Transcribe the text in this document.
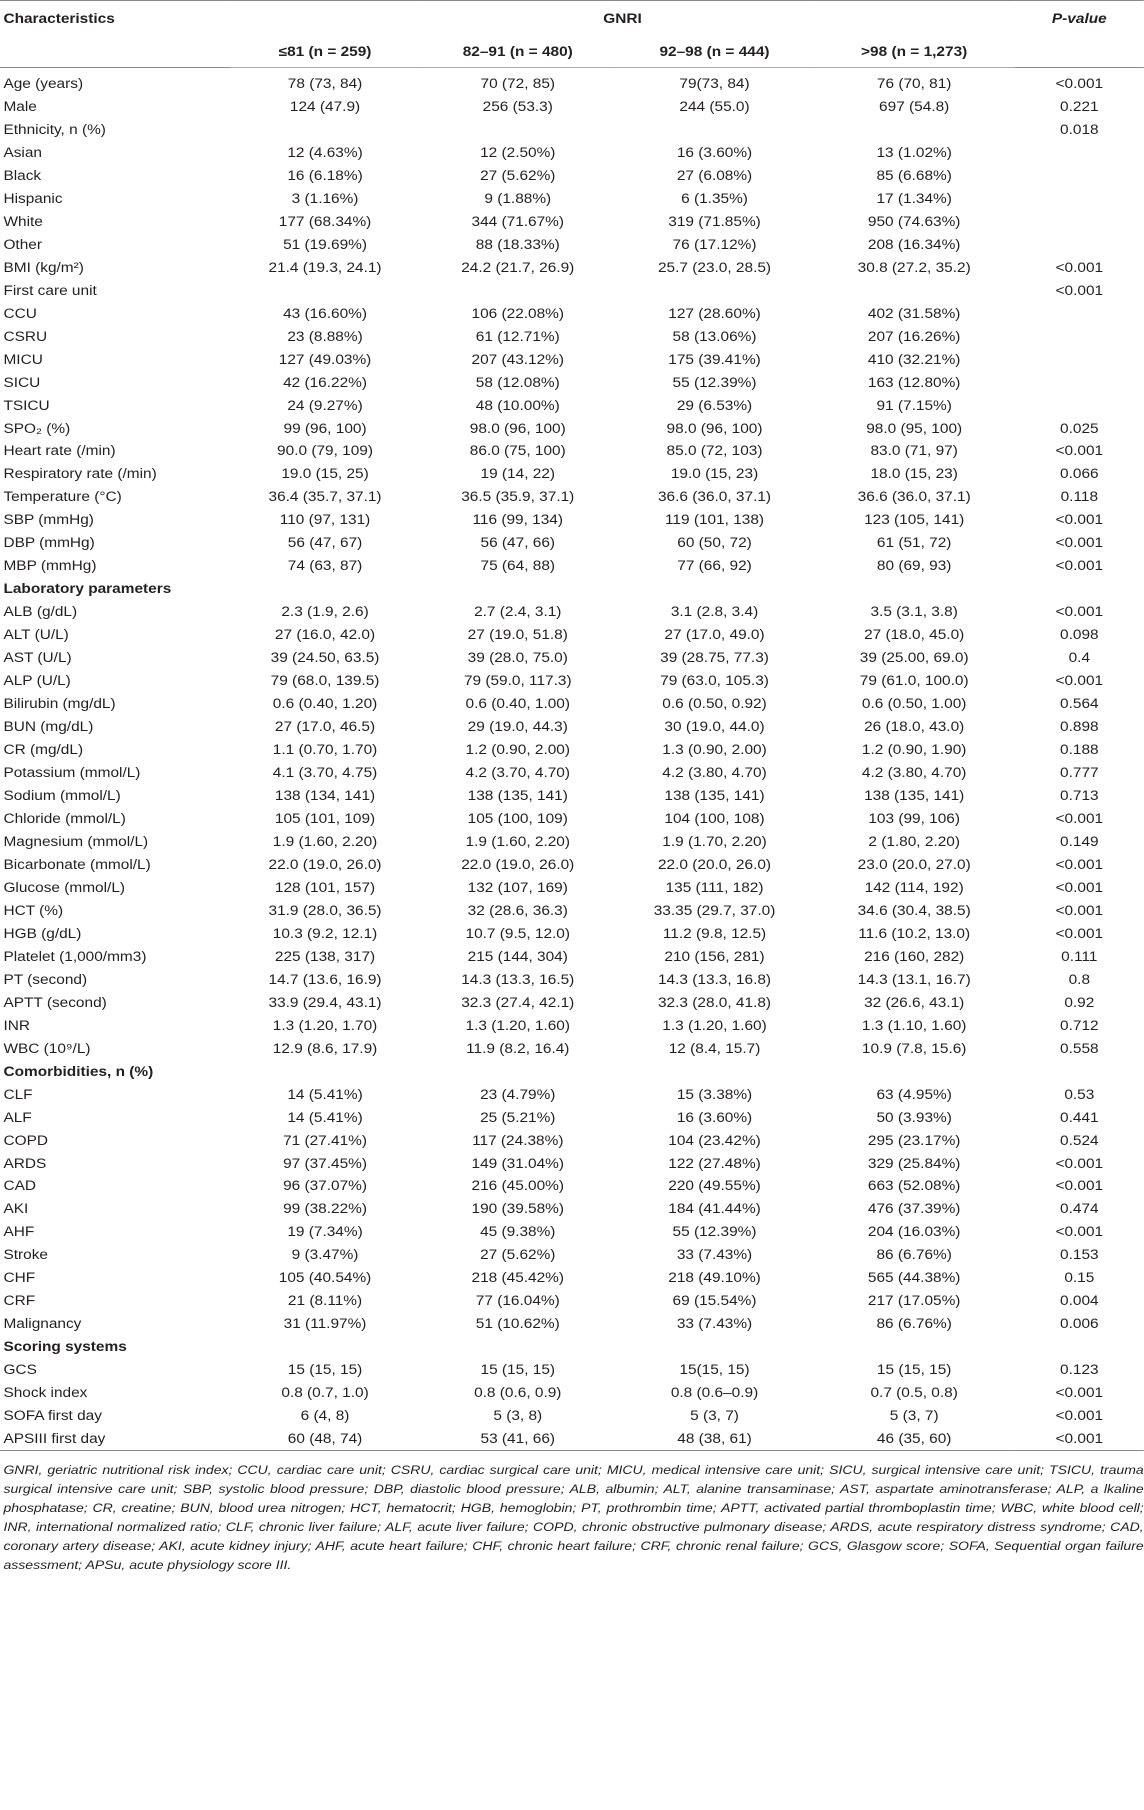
Characteristics	GNRI				P-value
	≤81 (n = 259)	82–91 (n = 480)	92–98 (n = 444)	>98 (n = 1,273)	
Age (years)	78 (73, 84)	70 (72, 85)	79(73, 84)	76 (70, 81)	<0.001
Male	124 (47.9)	256 (53.3)	244 (55.0)	697 (54.8)	0.221
Ethnicity, n (%)					0.018
Asian	12 (4.63%)	12 (2.50%)	16 (3.60%)	13 (1.02%)	
Black	16 (6.18%)	27 (5.62%)	27 (6.08%)	85 (6.68%)	
Hispanic	3 (1.16%)	9 (1.88%)	6 (1.35%)	17 (1.34%)	
White	177 (68.34%)	344 (71.67%)	319 (71.85%)	950 (74.63%)	
Other	51 (19.69%)	88 (18.33%)	76 (17.12%)	208 (16.34%)	
BMI (kg/m²)	21.4 (19.3, 24.1)	24.2 (21.7, 26.9)	25.7 (23.0, 28.5)	30.8 (27.2, 35.2)	<0.001
First care unit					<0.001
CCU	43 (16.60%)	106 (22.08%)	127 (28.60%)	402 (31.58%)	
CSRU	23 (8.88%)	61 (12.71%)	58 (13.06%)	207 (16.26%)	
MICU	127 (49.03%)	207 (43.12%)	175 (39.41%)	410 (32.21%)	
SICU	42 (16.22%)	58 (12.08%)	55 (12.39%)	163 (12.80%)	
TSICU	24 (9.27%)	48 (10.00%)	29 (6.53%)	91 (7.15%)	
SPO₂ (%)	99 (96, 100)	98.0 (96, 100)	98.0 (96, 100)	98.0 (95, 100)	0.025
Heart rate (/min)	90.0 (79, 109)	86.0 (75, 100)	85.0 (72, 103)	83.0 (71, 97)	<0.001
Respiratory rate (/min)	19.0 (15, 25)	19 (14, 22)	19.0 (15, 23)	18.0 (15, 23)	0.066
Temperature (°C)	36.4 (35.7, 37.1)	36.5 (35.9, 37.1)	36.6 (36.0, 37.1)	36.6 (36.0, 37.1)	0.118
SBP (mmHg)	110 (97, 131)	116 (99, 134)	119 (101, 138)	123 (105, 141)	<0.001
DBP (mmHg)	56 (47, 67)	56 (47, 66)	60 (50, 72)	61 (51, 72)	<0.001
MBP (mmHg)	74 (63, 87)	75 (64, 88)	77 (66, 92)	80 (69, 93)	<0.001
Laboratory parameters					
ALB (g/dL)	2.3 (1.9, 2.6)	2.7 (2.4, 3.1)	3.1 (2.8, 3.4)	3.5 (3.1, 3.8)	<0.001
ALT (U/L)	27 (16.0, 42.0)	27 (19.0, 51.8)	27 (17.0, 49.0)	27 (18.0, 45.0)	0.098
AST (U/L)	39 (24.50, 63.5)	39 (28.0, 75.0)	39 (28.75, 77.3)	39 (25.00, 69.0)	0.4
ALP (U/L)	79 (68.0, 139.5)	79 (59.0, 117.3)	79 (63.0, 105.3)	79 (61.0, 100.0)	<0.001
Bilirubin (mg/dL)	0.6 (0.40, 1.20)	0.6 (0.40, 1.00)	0.6 (0.50, 0.92)	0.6 (0.50, 1.00)	0.564
BUN (mg/dL)	27 (17.0, 46.5)	29 (19.0, 44.3)	30 (19.0, 44.0)	26 (18.0, 43.0)	0.898
CR (mg/dL)	1.1 (0.70, 1.70)	1.2 (0.90, 2.00)	1.3 (0.90, 2.00)	1.2 (0.90, 1.90)	0.188
Potassium (mmol/L)	4.1 (3.70, 4.75)	4.2 (3.70, 4.70)	4.2 (3.80, 4.70)	4.2 (3.80, 4.70)	0.777
Sodium (mmol/L)	138 (134, 141)	138 (135, 141)	138 (135, 141)	138 (135, 141)	0.713
Chloride (mmol/L)	105 (101, 109)	105 (100, 109)	104 (100, 108)	103 (99, 106)	<0.001
Magnesium (mmol/L)	1.9 (1.60, 2.20)	1.9 (1.60, 2.20)	1.9 (1.70, 2.20)	2 (1.80, 2.20)	0.149
Bicarbonate (mmol/L)	22.0 (19.0, 26.0)	22.0 (19.0, 26.0)	22.0 (20.0, 26.0)	23.0 (20.0, 27.0)	<0.001
Glucose (mmol/L)	128 (101, 157)	132 (107, 169)	135 (111, 182)	142 (114, 192)	<0.001
HCT (%)	31.9 (28.0, 36.5)	32 (28.6, 36.3)	33.35 (29.7, 37.0)	34.6 (30.4, 38.5)	<0.001
HGB (g/dL)	10.3 (9.2, 12.1)	10.7 (9.5, 12.0)	11.2 (9.8, 12.5)	11.6 (10.2, 13.0)	<0.001
Platelet (1,000/mm3)	225 (138, 317)	215 (144, 304)	210 (156, 281)	216 (160, 282)	0.111
PT (second)	14.7 (13.6, 16.9)	14.3 (13.3, 16.5)	14.3 (13.3, 16.8)	14.3 (13.1, 16.7)	0.8
APTT (second)	33.9 (29.4, 43.1)	32.3 (27.4, 42.1)	32.3 (28.0, 41.8)	32 (26.6, 43.1)	0.92
INR	1.3 (1.20, 1.70)	1.3 (1.20, 1.60)	1.3 (1.20, 1.60)	1.3 (1.10, 1.60)	0.712
WBC (10⁹/L)	12.9 (8.6, 17.9)	11.9 (8.2, 16.4)	12 (8.4, 15.7)	10.9 (7.8, 15.6)	0.558
Comorbidities, n (%)					
CLF	14 (5.41%)	23 (4.79%)	15 (3.38%)	63 (4.95%)	0.53
ALF	14 (5.41%)	25 (5.21%)	16 (3.60%)	50 (3.93%)	0.441
COPD	71 (27.41%)	117 (24.38%)	104 (23.42%)	295 (23.17%)	0.524
ARDS	97 (37.45%)	149 (31.04%)	122 (27.48%)	329 (25.84%)	<0.001
CAD	96 (37.07%)	216 (45.00%)	220 (49.55%)	663 (52.08%)	<0.001
AKI	99 (38.22%)	190 (39.58%)	184 (41.44%)	476 (37.39%)	0.474
AHF	19 (7.34%)	45 (9.38%)	55 (12.39%)	204 (16.03%)	<0.001
Stroke	9 (3.47%)	27 (5.62%)	33 (7.43%)	86 (6.76%)	0.153
CHF	105 (40.54%)	218 (45.42%)	218 (49.10%)	565 (44.38%)	0.15
CRF	21 (8.11%)	77 (16.04%)	69 (15.54%)	217 (17.05%)	0.004
Malignancy	31 (11.97%)	51 (10.62%)	33 (7.43%)	86 (6.76%)	0.006
Scoring systems					
GCS	15 (15, 15)	15 (15, 15)	15(15, 15)	15 (15, 15)	0.123
Shock index	0.8 (0.7, 1.0)	0.8 (0.6, 0.9)	0.8 (0.6–0.9)	0.7 (0.5, 0.8)	<0.001
SOFA first day	6 (4, 8)	5 (3, 8)	5 (3, 7)	5 (3, 7)	<0.001
APSIII first day	60 (48, 74)	53 (41, 66)	48 (38, 61)	46 (35, 60)	<0.001
GNRI, geriatric nutritional risk index; CCU, cardiac care unit; CSRU, cardiac surgical care unit; MICU, medical intensive care unit; SICU, surgical intensive care unit; TSICU, trauma surgical intensive care unit; SBP, systolic blood pressure; DBP, diastolic blood pressure; ALB, albumin; ALT, alanine transaminase; AST, aspartate aminotransferase; ALP, a lkaline phosphatase; CR, creatine; BUN, blood urea nitrogen; HCT, hematocrit; HGB, hemoglobin; PT, prothrombin time; APTT, activated partial thromboplastin time; WBC, white blood cell; INR, international normalized ratio; CLF, chronic liver failure; ALF, acute liver failure; COPD, chronic obstructive pulmonary disease; ARDS, acute respiratory distress syndrome; CAD, coronary artery disease; AKI, acute kidney injury; AHF, acute heart failure; CHF, chronic heart failure; CRF, chronic renal failure; GCS, Glasgow score; SOFA, Sequential organ failure assessment; APSu, acute physiology score III.
